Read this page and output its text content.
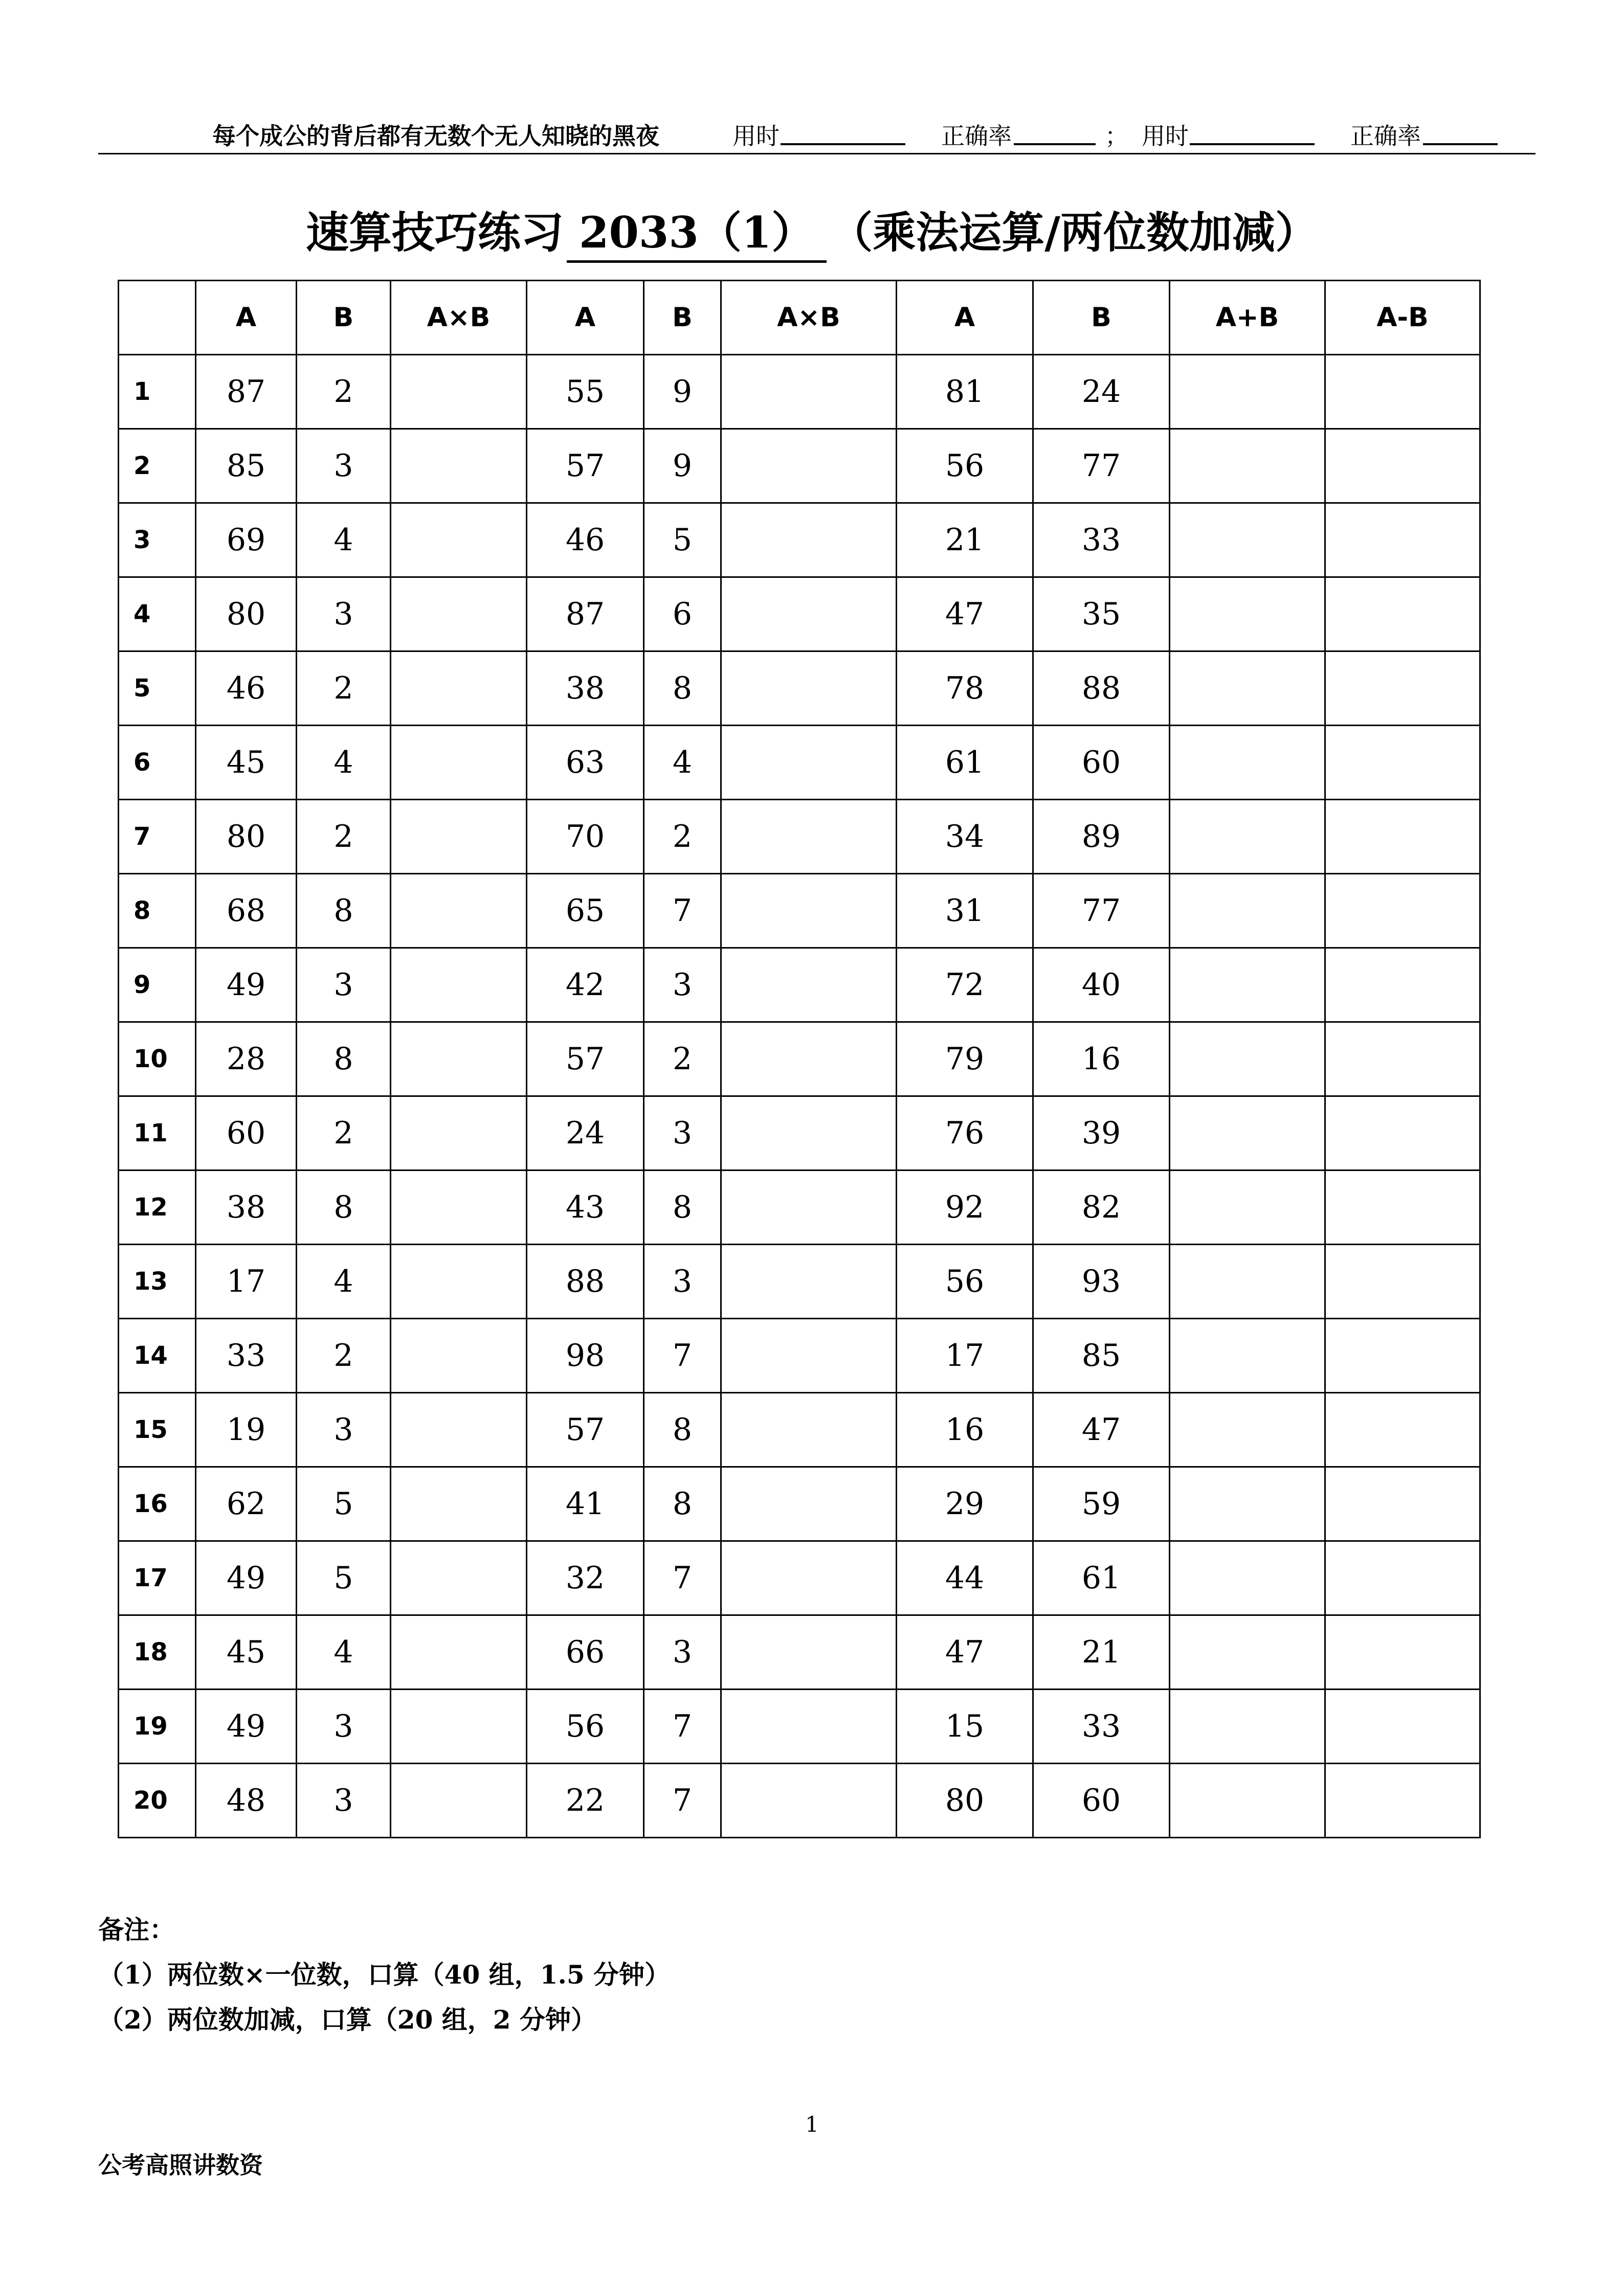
每个成公的背后都有无数个无人知晓的黑夜	用时	正确率	； 用时	正确率
速算技巧练习 2033（1） （乘法运算/两位数加减）
	A	B	A×B	A	B	A×B	A	B	A+B	A-B
1	87	2		55	9		81	24		
2	85	3		57	9		56	77		
3	69	4		46	5		21	33		
4	80	3		87	6		47	35		
5	46	2		38	8		78	88		
6	45	4		63	4		61	60		
7	80	2		70	2		34	89		
8	68	8		65	7		31	77		
9	49	3		42	3		72	40		
10	28	8		57	2		79	16		
11	60	2		24	3		76	39		
12	38	8		43	8		92	82		
13	17	4		88	3		56	93		
14	33	2		98	7		17	85		
15	19	3		57	8		16	47		
16	62	5		41	8		29	59		
17	49	5		32	7		44	61		
18	45	4		66	3		47	21		
19	49	3		56	7		15	33		
20	48	3		22	7		80	60		
备注：
（1）两位数×一位数，口算（40 组，1.5 分钟）
（2）两位数加减，口算（20 组，2 分钟）
1
公考高照讲数资
